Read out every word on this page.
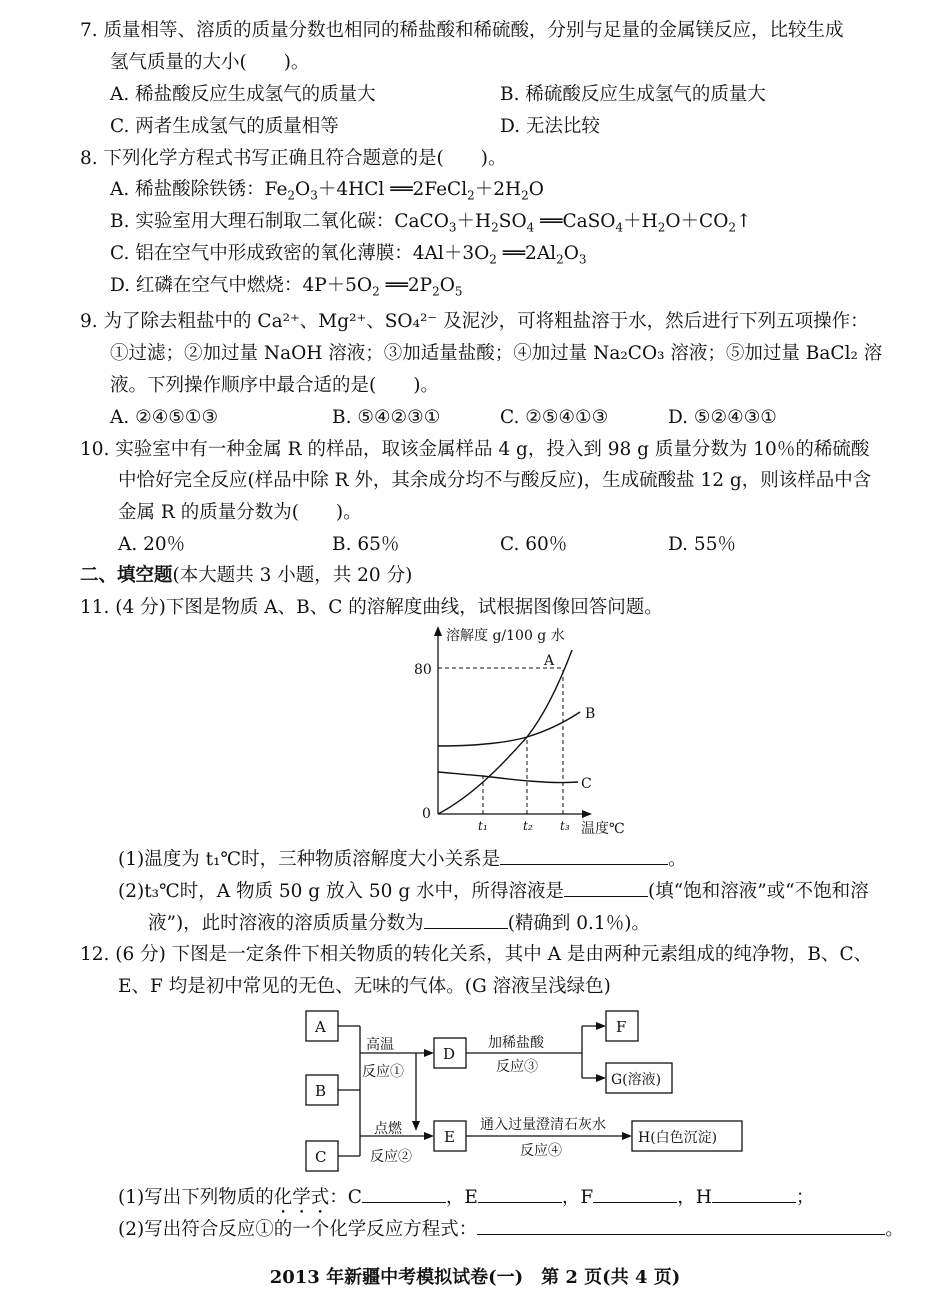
7. 质量相等、溶质的质量分数也相同的稀盐酸和稀硫酸，分别与足量的金属镁反应，比较生成
氢气质量的大小(　　)。
A. 稀盐酸反应生成氢气的质量大	B. 稀硫酸反应生成氢气的质量大
C. 两者生成氢气的质量相等	D. 无法比较
8. 下列化学方程式书写正确且符合题意的是(　　)。
A. 稀盐酸除铁锈：$Fe_2O_3+4HCl$ $══2FeCl_2+2H_2O$
B. 实验室用大理石制取二氧化碳：$CaCO_3+H_2SO_4$ $══CaSO_4+H_2O+CO_2↑$
C. 铝在空气中形成致密的氧化薄膜：$4Al+3O_2$ $══2Al_2O_3$
D. 红磷在空气中燃烧：$4P+5O_2$ $══2P_2O_5$
9. 为了除去粗盐中的 Ca²⁺、Mg²⁺、SO₄²⁻ 及泥沙，可将粗盐溶于水，然后进行下列五项操作：
①过滤；②加过量 NaOH 溶液；③加适量盐酸；④加过量 Na₂CO₃ 溶液；⑤加过量 BaCl₂ 溶
液。下列操作顺序中最合适的是(　　)。
A. ②④⑤①③	B. ⑤④②③①	C. ②⑤④①③	D. ⑤②④③①
10. 实验室中有一种金属 R 的样品，取该金属样品 4 g，投入到 98 g 质量分数为 10％的稀硫酸
中恰好完全反应(样品中除 R 外，其余成分均不与酸反应)，生成硫酸盐 12 g，则该样品中含
金属 R 的质量分数为(　　)。
A. 20％	B. 65％	C. 60％	D. 55％
二、填空题(本大题共 3 小题，共 20 分)
11. (4 分)下图是物质 A、B、C 的溶解度曲线，试根据图像回答问题。
溶解度 g/100 g 水
温度℃
0
80
t₁	t₂ t₃
A
B
C
(1)温度为 t₁℃时，三种物质溶解度大小关系是	。
(2)t₃℃时，A 物质 50 g 放入 50 g 水中，所得溶液是	(填“饱和溶液”或“不饱和溶
液”)，此时溶液的溶质质量分数为	(精确到 0.1％)。
12. (6 分) 下图是一定条件下相关物质的转化关系，其中 A 是由两种元素组成的纯净物，B、C、
E、F 均是初中常见的无色、无味的气体。(G 溶液呈浅绿色)
A
B
C
D
E
F
G(溶液)
H(白色沉淀)
高温
反应①
点燃
反应②
加稀盐酸
反应③
通入过量澄清石灰水
反应④
(1)写出下列物质的化学式：C	，E	，F	，H	；
(2)写出符合反应①的一个化学反应方程式：	。
2013 年新疆中考模拟试卷(一)　第 2 页(共 4 页)
